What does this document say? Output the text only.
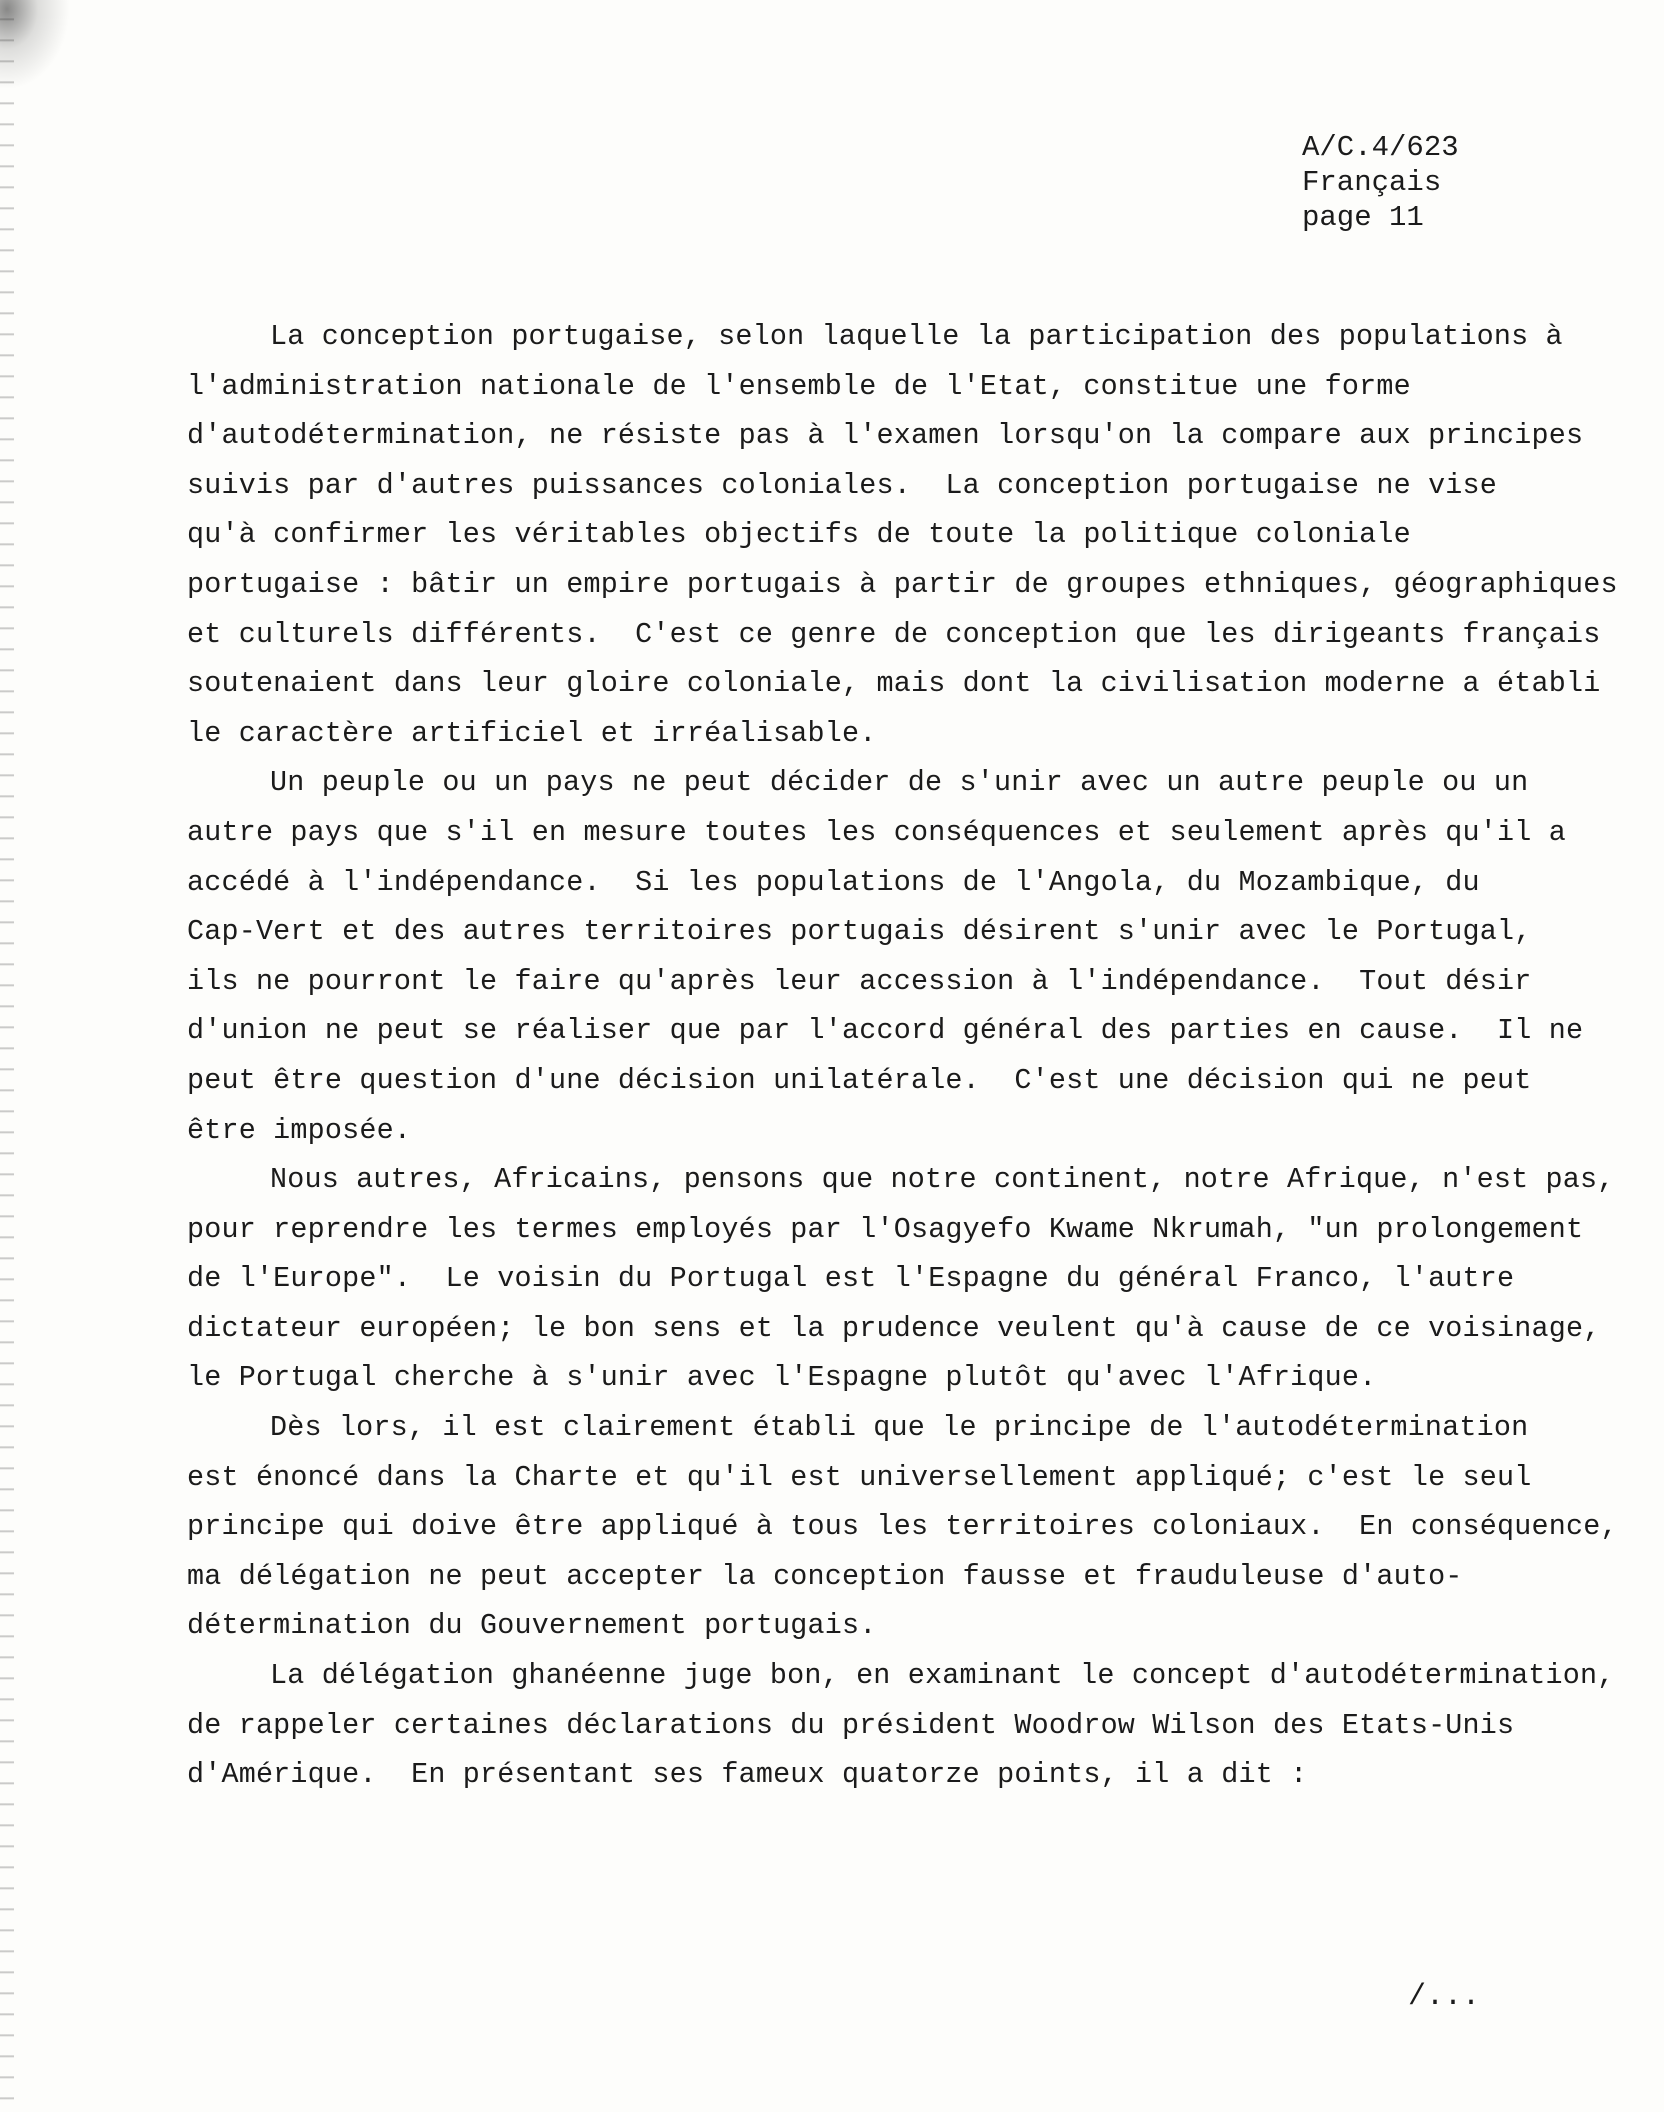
A/C.4/623
Français
page 11
La conception portugaise, selon laquelle la participation des populations à
l'administration nationale de l'ensemble de l'Etat, constitue une forme
d'autodétermination, ne résiste pas à l'examen lorsqu'on la compare aux principes
suivis par d'autres puissances coloniales.  La conception portugaise ne vise
qu'à confirmer les véritables objectifs de toute la politique coloniale
portugaise : bâtir un empire portugais à partir de groupes ethniques, géographiques
et culturels différents.  C'est ce genre de conception que les dirigeants français
soutenaient dans leur gloire coloniale, mais dont la civilisation moderne a établi
le caractère artificiel et irréalisable.
Un peuple ou un pays ne peut décider de s'unir avec un autre peuple ou un
autre pays que s'il en mesure toutes les conséquences et seulement après qu'il a
accédé à l'indépendance.  Si les populations de l'Angola, du Mozambique, du
Cap-Vert et des autres territoires portugais désirent s'unir avec le Portugal,
ils ne pourront le faire qu'après leur accession à l'indépendance.  Tout désir
d'union ne peut se réaliser que par l'accord général des parties en cause.  Il ne
peut être question d'une décision unilatérale.  C'est une décision qui ne peut
être imposée.
Nous autres, Africains, pensons que notre continent, notre Afrique, n'est pas,
pour reprendre les termes employés par l'Osagyefo Kwame Nkrumah, "un prolongement
de l'Europe".  Le voisin du Portugal est l'Espagne du général Franco, l'autre
dictateur européen; le bon sens et la prudence veulent qu'à cause de ce voisinage,
le Portugal cherche à s'unir avec l'Espagne plutôt qu'avec l'Afrique.
Dès lors, il est clairement établi que le principe de l'autodétermination
est énoncé dans la Charte et qu'il est universellement appliqué; c'est le seul
principe qui doive être appliqué à tous les territoires coloniaux.  En conséquence,
ma délégation ne peut accepter la conception fausse et frauduleuse d'auto-
détermination du Gouvernement portugais.
La délégation ghanéenne juge bon, en examinant le concept d'autodétermination,
de rappeler certaines déclarations du président Woodrow Wilson des Etats-Unis
d'Amérique.  En présentant ses fameux quatorze points, il a dit :
/...
